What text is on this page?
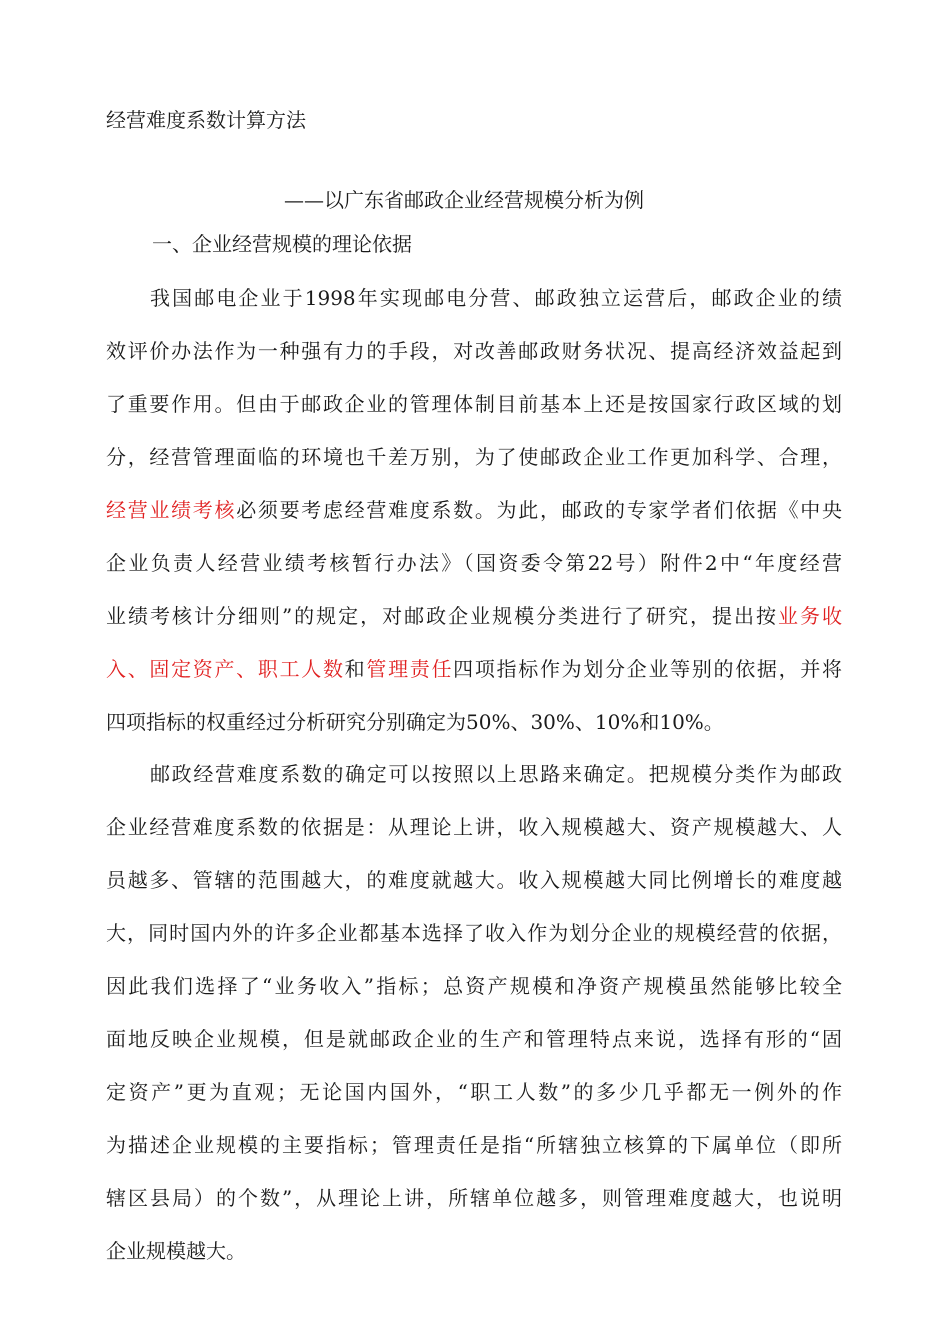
经营难度系数计算方法
——以广东省邮政企业经营规模分析为例
一、企业经营规模的理论依据
我国邮电企业于1998年实现邮电分营、邮政独立运营后，邮政企业的绩
效评价办法作为一种强有力的手段，对改善邮政财务状况、提高经济效益起到
了重要作用。但由于邮政企业的管理体制目前基本上还是按国家行政区域的划
分，经营管理面临的环境也千差万别，为了使邮政企业工作更加科学、合理，
经营业绩考核必须要考虑经营难度系数。为此，邮政的专家学者们依据《中央
企业负责人经营业绩考核暂行办法》（国资委令第22号）附件2中“年度经营
业绩考核计分细则”的规定，对邮政企业规模分类进行了研究，提出按业务收
入、固定资产、职工人数和管理责任四项指标作为划分企业等别的依据，并将
四项指标的权重经过分析研究分别确定为50%、30%、10%和10%。
邮政经营难度系数的确定可以按照以上思路来确定。把规模分类作为邮政
企业经营难度系数的依据是：从理论上讲，收入规模越大、资产规模越大、人
员越多、管辖的范围越大，的难度就越大。收入规模越大同比例增长的难度越
大，同时国内外的许多企业都基本选择了收入作为划分企业的规模经营的依据，
因此我们选择了“业务收入”指标；总资产规模和净资产规模虽然能够比较全
面地反映企业规模，但是就邮政企业的生产和管理特点来说，选择有形的“固
定资产”更为直观；无论国内国外，“职工人数”的多少几乎都无一例外的作
为描述企业规模的主要指标；管理责任是指“所辖独立核算的下属单位（即所
辖区县局）的个数”，从理论上讲，所辖单位越多，则管理难度越大，也说明
企业规模越大。
